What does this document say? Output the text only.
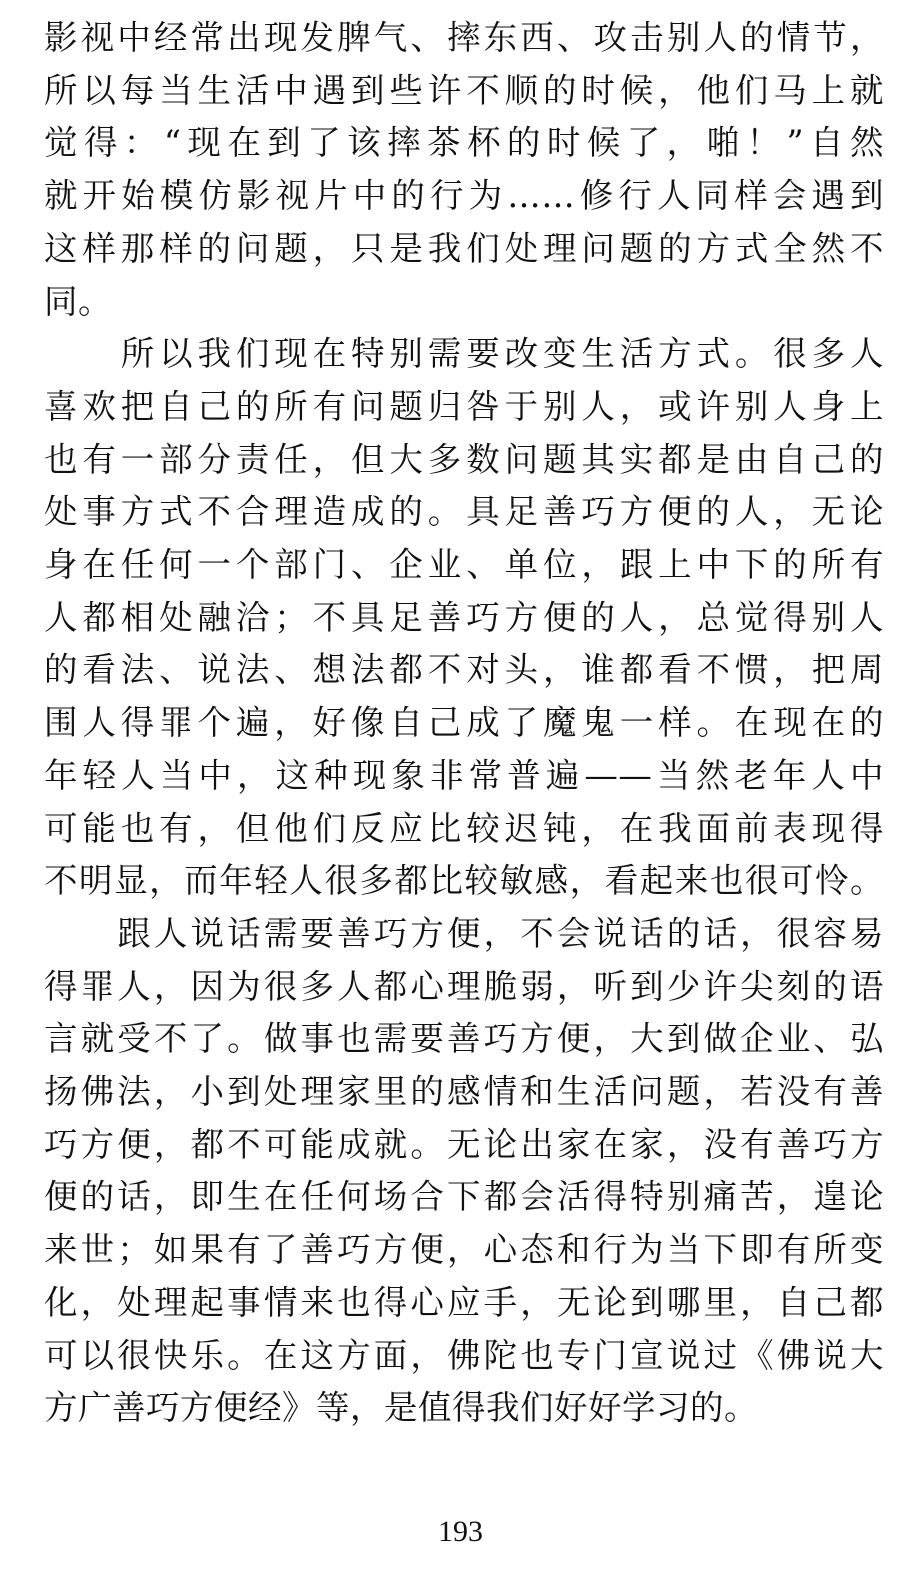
影视中经常出现发脾气、摔东西、攻击别人的情节，
所以每当生活中遇到些许不顺的时候，他们马上就
觉得：“现在到了该摔茶杯的时候了，啪！”自然
就开始模仿影视片中的行为……修行人同样会遇到
这样那样的问题，只是我们处理问题的方式全然不
同。
　　所以我们现在特别需要改变生活方式。很多人
喜欢把自己的所有问题归咎于别人，或许别人身上
也有一部分责任，但大多数问题其实都是由自己的
处事方式不合理造成的。具足善巧方便的人，无论
身在任何一个部门、企业、单位，跟上中下的所有
人都相处融洽；不具足善巧方便的人，总觉得别人
的看法、说法、想法都不对头，谁都看不惯，把周
围人得罪个遍，好像自己成了魔鬼一样。在现在的
年轻人当中，这种现象非常普遍——当然老年人中
可能也有，但他们反应比较迟钝，在我面前表现得
不明显，而年轻人很多都比较敏感，看起来也很可怜。
　　跟人说话需要善巧方便，不会说话的话，很容易
得罪人，因为很多人都心理脆弱，听到少许尖刻的语
言就受不了。做事也需要善巧方便，大到做企业、弘
扬佛法，小到处理家里的感情和生活问题，若没有善
巧方便，都不可能成就。无论出家在家，没有善巧方
便的话，即生在任何场合下都会活得特别痛苦，遑论
来世；如果有了善巧方便，心态和行为当下即有所变
化，处理起事情来也得心应手，无论到哪里，自己都
可以很快乐。在这方面，佛陀也专门宣说过《佛说大
方广善巧方便经》等，是值得我们好好学习的。
193
